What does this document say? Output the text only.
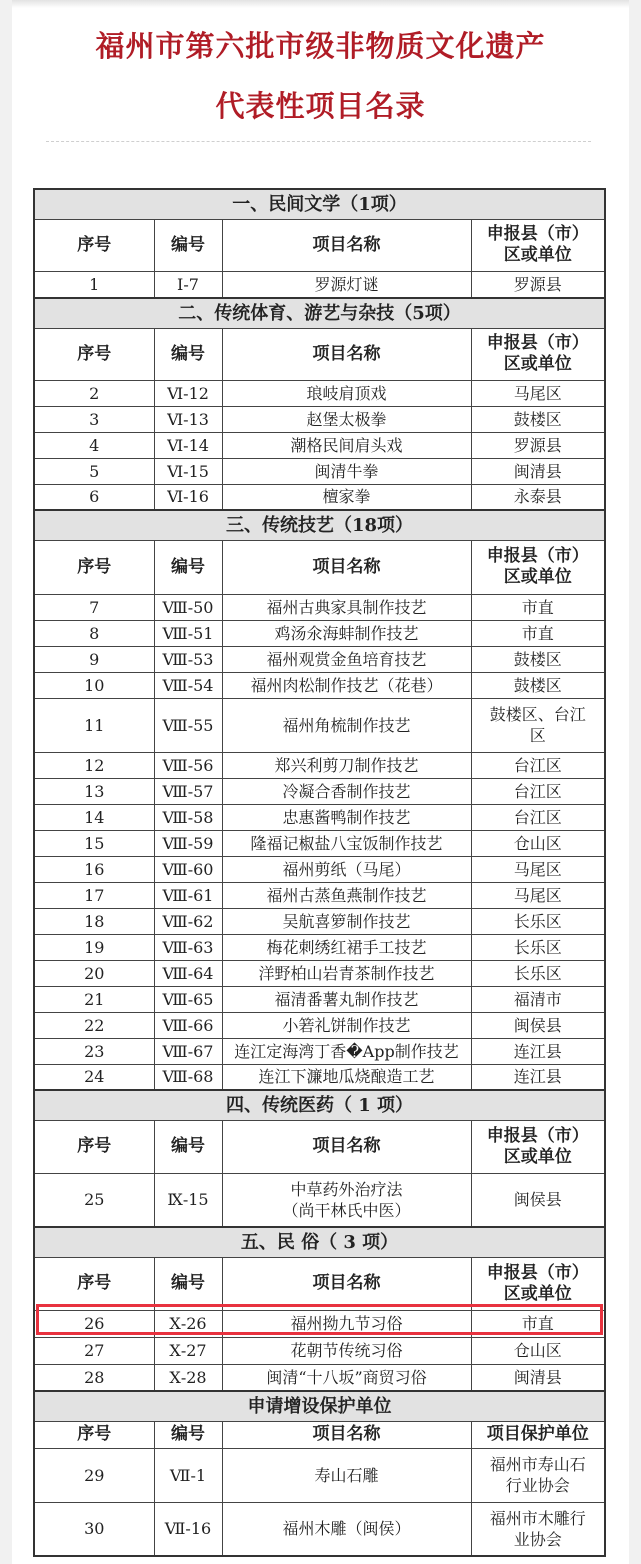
福州市第六批市级非物质文化遗产
代表性项目名录
一、民间文学（1项）			
序号	编号	项目名称	申报县（市）
区或单位
1	Ⅰ-7	罗源灯谜	罗源县
二、传统体育、游艺与杂技（5项）			
序号	编号	项目名称	申报县（市）
区或单位
2	Ⅵ-12	琅岐肩顶戏	马尾区
3	Ⅵ-13	赵堡太极拳	鼓楼区
4	Ⅵ-14	潮格民间肩头戏	罗源县
5	Ⅵ-15	闽清牛拳	闽清县
6	Ⅵ-16	檀家拳	永泰县
三、传统技艺（18项）			
序号	编号	项目名称	申报县（市）
区或单位
7	Ⅷ-50	福州古典家具制作技艺	市直
8	Ⅷ-51	鸡汤氽海蚌制作技艺	市直
9	Ⅷ-53	福州观赏金鱼培育技艺	鼓楼区
10	Ⅷ-54	福州肉松制作技艺（花巷）	鼓楼区
11	Ⅷ-55	福州角梳制作技艺	鼓楼区、台江
区
12	Ⅷ-56	郑兴利剪刀制作技艺	台江区
13	Ⅷ-57	冷凝合香制作技艺	台江区
14	Ⅷ-58	忠惠酱鸭制作技艺	台江区
15	Ⅷ-59	隆福记椒盐八宝饭制作技艺	仓山区
16	Ⅷ-60	福州剪纸（马尾）	马尾区
17	Ⅷ-61	福州古蒸鱼燕制作技艺	马尾区
18	Ⅷ-62	吴航喜箩制作技艺	长乐区
19	Ⅷ-63	梅花刺绣红裙手工技艺	长乐区
20	Ⅷ-64	洋野柏山岩青茶制作技艺	长乐区
21	Ⅷ-65	福清番薯丸制作技艺	福清市
22	Ⅷ-66	小箬礼饼制作技艺	闽侯县
23	Ⅷ-67	连江定海湾丁香�App制作技艺	连江县
24	Ⅷ-68	连江下濂地瓜烧酿造工艺	连江县
四、传统医药（ 1 项）			
序号	编号	项目名称	申报县（市）
区或单位
25	Ⅸ-15	中草药外治疗法
（尚干林氏中医）	闽侯县
五、民 俗（ 3 项）			
序号	编号	项目名称	申报县（市）
区或单位
26	Ⅹ-26	福州拗九节习俗	市直
27	Ⅹ-27	花朝节传统习俗	仓山区
28	Ⅹ-28	闽清“十八坂”商贸习俗	闽清县
申请增设保护单位			
序号	编号	项目名称	项目保护单位
29	Ⅶ-1	寿山石雕	福州市寿山石
行业协会
30	Ⅶ-16	福州木雕（闽侯）	福州市木雕行
业协会
